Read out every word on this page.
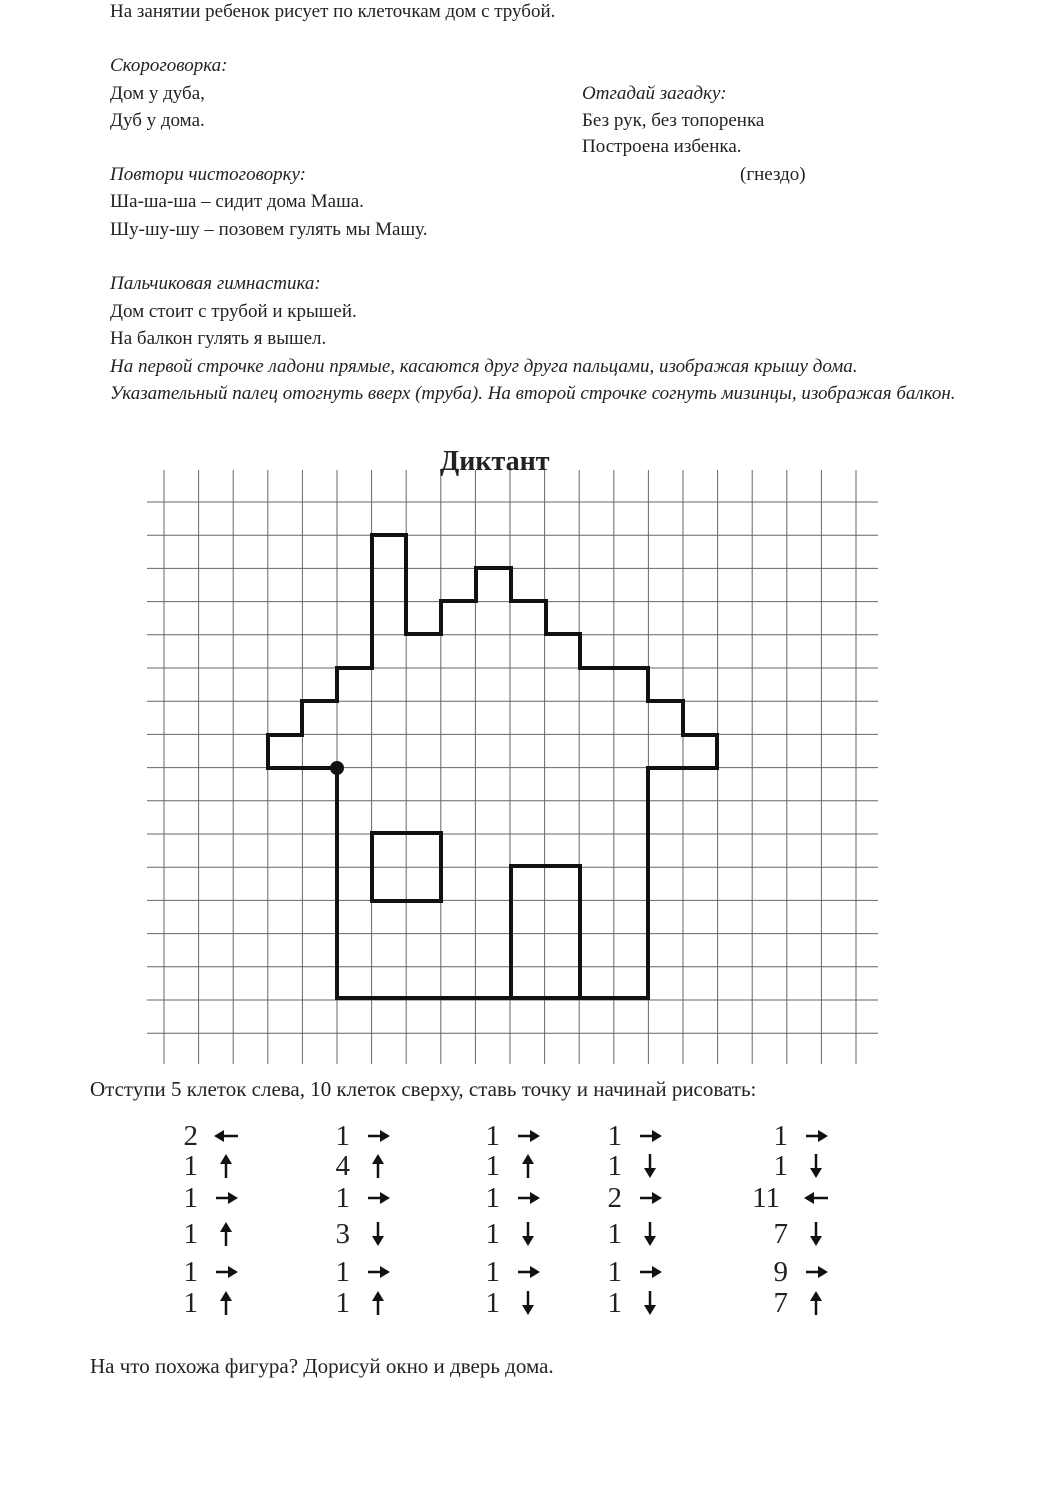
На занятии ребенок рисует по клеточкам дом с трубой.
Скороговорка:
Дом у дуба,
Дуб у дома.
Отгадай загадку:
Без рук, без топоренка
Построена избенка.
(гнездо)
Повтори чистоговорку:
Ша-ша-ша – сидит дома Маша.
Шу-шу-шу – позовем гулять мы Машу.
Пальчиковая гимнастика:
Дом стоит с трубой и крышей.
На балкон гулять я вышел.
На первой строчке ладони прямые, касаются друг друга пальцами, изображая крышу дома. Указательный палец отогнуть вверх (труба). На второй строчке согнуть мизинцы, изображая балкон.
Диктант
Отступи 5 клеток слева, 10 клеток сверху, ставь точку и начинай рисовать:
2
1
1
1
1
1
1
4
1
3
1
1
1
1
1
1
1
1
1
1
2
1
1
1
1
1
11
7
9
7
На что похожа фигура? Дорисуй окно и дверь дома.
